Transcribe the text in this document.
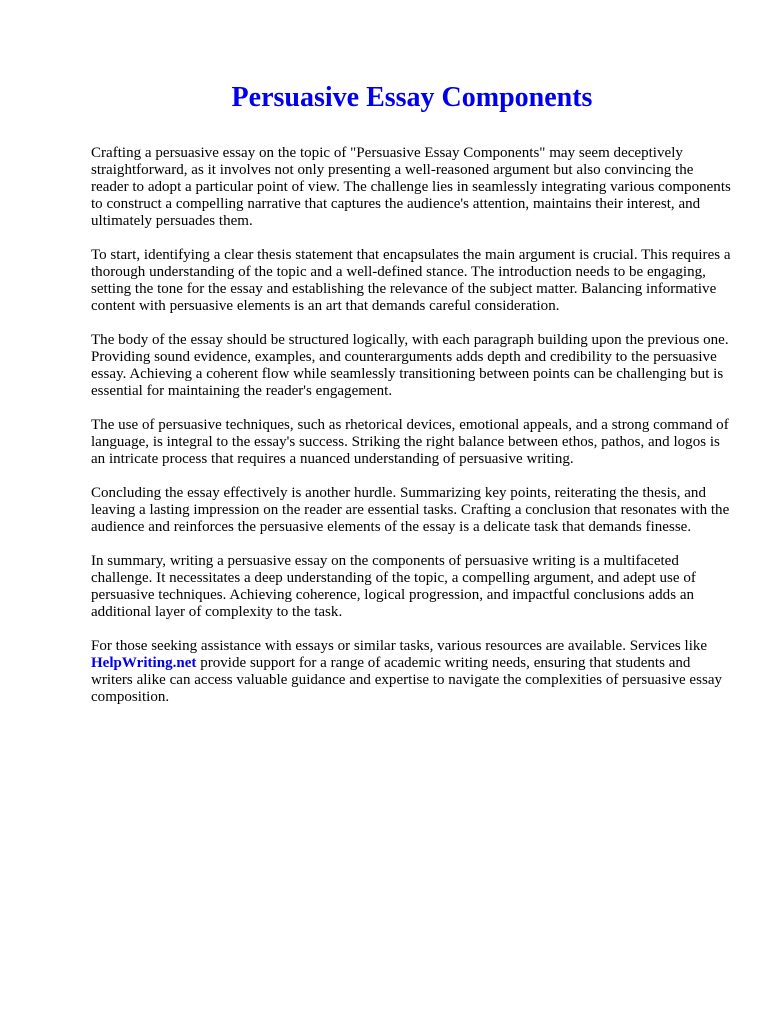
Persuasive Essay Components

Crafting a persuasive essay on the topic of "Persuasive Essay Components" may seem deceptively straightforward, as it involves not only presenting a well-reasoned argument but also convincing the reader to adopt a particular point of view. The challenge lies in seamlessly integrating various components to construct a compelling narrative that captures the audience's attention, maintains their interest, and ultimately persuades them.

To start, identifying a clear thesis statement that encapsulates the main argument is crucial. This requires a thorough understanding of the topic and a well-defined stance. The introduction needs to be engaging, setting the tone for the essay and establishing the relevance of the subject matter. Balancing informative content with persuasive elements is an art that demands careful consideration.

The body of the essay should be structured logically, with each paragraph building upon the previous one. Providing sound evidence, examples, and counterarguments adds depth and credibility to the persuasive essay. Achieving a coherent flow while seamlessly transitioning between points can be challenging but is essential for maintaining the reader's engagement.

The use of persuasive techniques, such as rhetorical devices, emotional appeals, and a strong command of language, is integral to the essay's success. Striking the right balance between ethos, pathos, and logos is an intricate process that requires a nuanced understanding of persuasive writing.

Concluding the essay effectively is another hurdle. Summarizing key points, reiterating the thesis, and leaving a lasting impression on the reader are essential tasks. Crafting a conclusion that resonates with the audience and reinforces the persuasive elements of the essay is a delicate task that demands finesse.

In summary, writing a persuasive essay on the components of persuasive writing is a multifaceted challenge. It necessitates a deep understanding of the topic, a compelling argument, and adept use of persuasive techniques. Achieving coherence, logical progression, and impactful conclusions adds an additional layer of complexity to the task.

For those seeking assistance with essays or similar tasks, various resources are available. Services like HelpWriting.net provide support for a range of academic writing needs, ensuring that students and writers alike can access valuable guidance and expertise to navigate the complexities of persuasive essay composition.
